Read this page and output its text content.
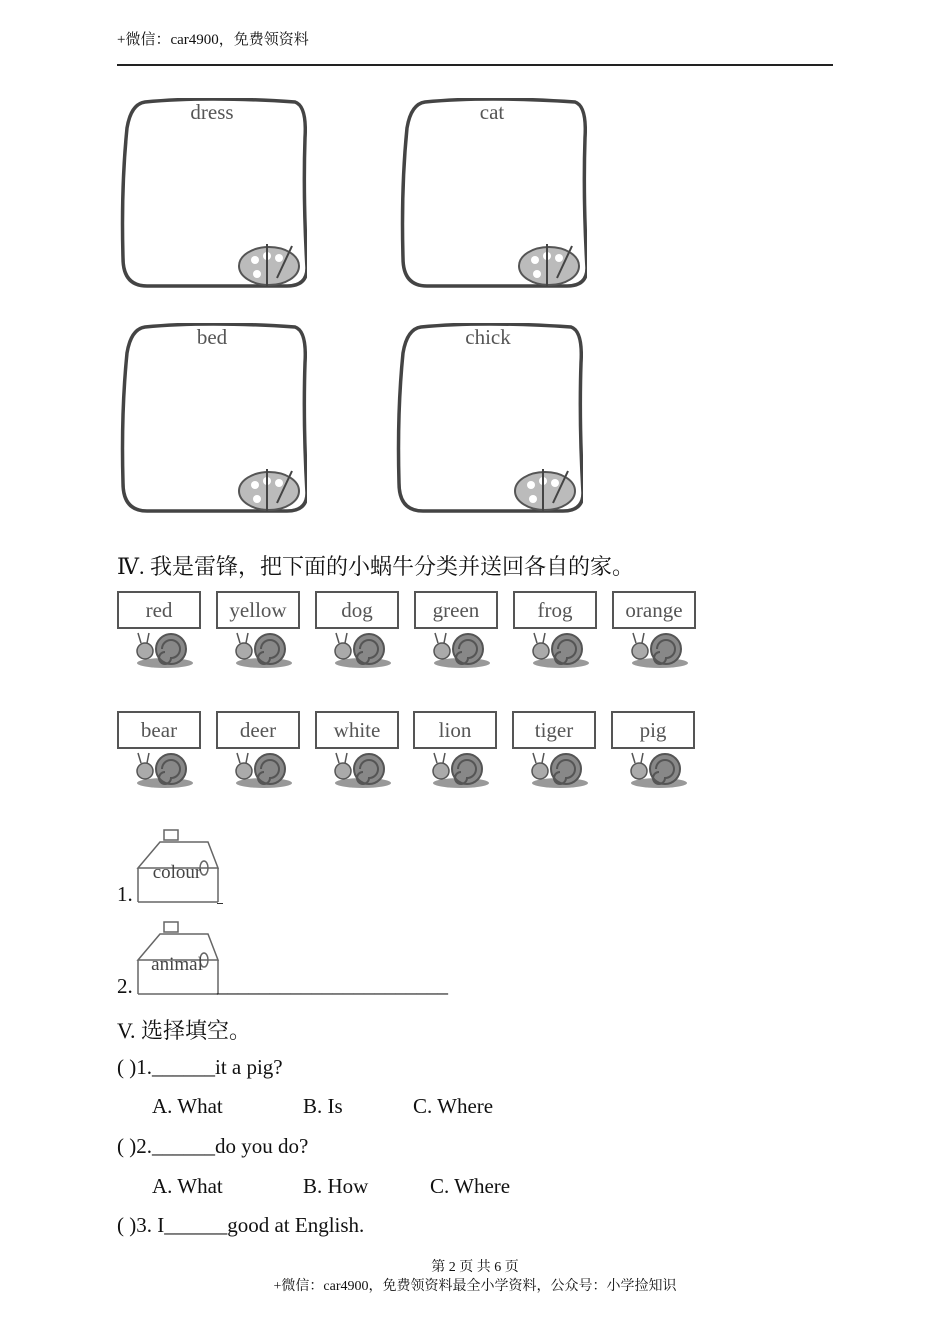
+微信：car4900，免费领资料
dress	cat
bed	chick
Ⅳ. 我是雷锋，把下面的小蜗牛分类并送回各自的家。
red	yellow	dog	green	frog	orange
bear	deer	white	lion	tiger	pig
1.
colour
2.
animal
______________________
V. 选择填空。
( )1.______it a pig?
A. What	B. Is	C. Where
( )2.______do you do?
A. What	B. How	C. Where
( )3. I______good at English.
第 2 页 共 6 页
+微信：car4900，免费领资料最全小学资料，公众号：小学捡知识
